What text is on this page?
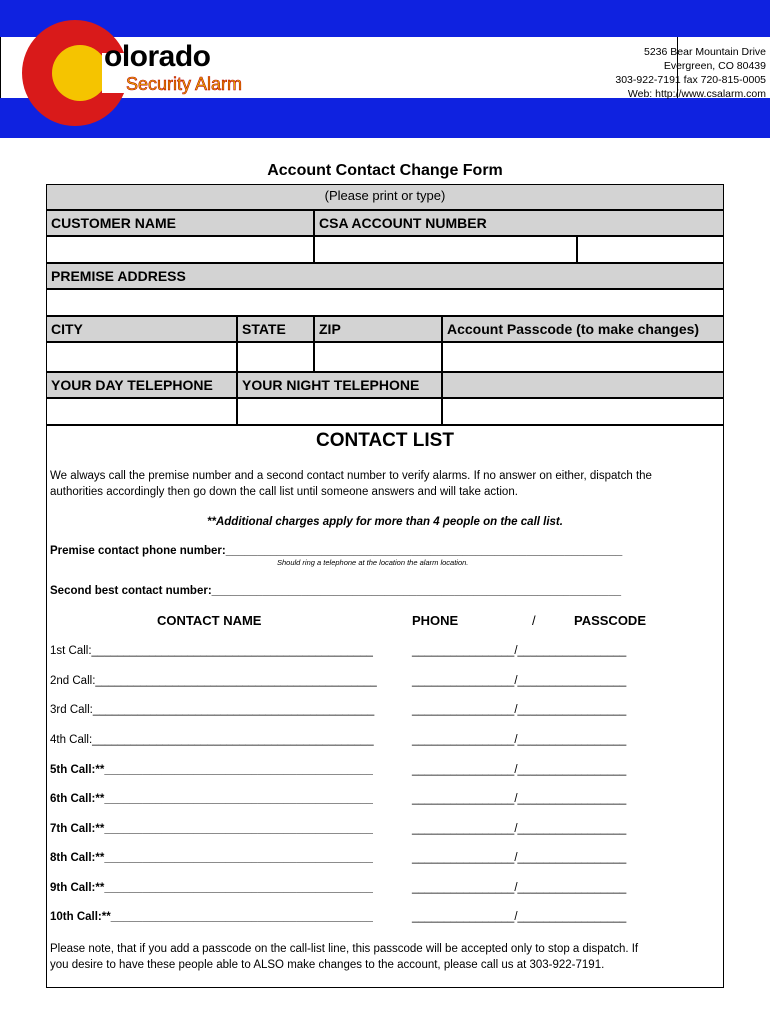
olorado
Security Alarm
5236 Bear Mountain Drive
Evergreen, CO 80439
303-922-7191 fax 720-815-0005
Web: http://www.csalarm.com
Account Contact Change Form
(Please print or type)
CUSTOMER NAME	CSA ACCOUNT NUMBER
PREMISE ADDRESS
CITY	STATE	ZIP	Account Passcode (to make changes)
YOUR DAY TELEPHONE	YOUR NIGHT TELEPHONE
CONTACT LIST
We always call the premise number and a second contact number to verify alarms. If no answer on either, dispatch the
authorities accordingly then go down the call list until someone answers and will take action.
**Additional charges apply for more than 4 people on the call list.
Premise contact phone number:______________________________________________________________
Should ring a telephone at the location the alarm location.
Second best contact number:________________________________________________________________
CONTACT NAME	PHONE	/	PASSCODE
1st Call:____________________________________________	________________/_________________
2nd Call:____________________________________________	________________/_________________
3rd Call:____________________________________________	________________/_________________
4th Call:____________________________________________	________________/_________________
5th Call:**__________________________________________	________________/_________________
6th Call:**__________________________________________	________________/_________________
7th Call:**__________________________________________	________________/_________________
8th Call:**__________________________________________	________________/_________________
9th Call:**__________________________________________	________________/_________________
10th Call:**_________________________________________	________________/_________________
Please note, that if you add a passcode on the call-list line, this passcode will be accepted only to stop a dispatch. If
you desire to have these people able to ALSO make changes to the account, please call us at 303-922-7191.
